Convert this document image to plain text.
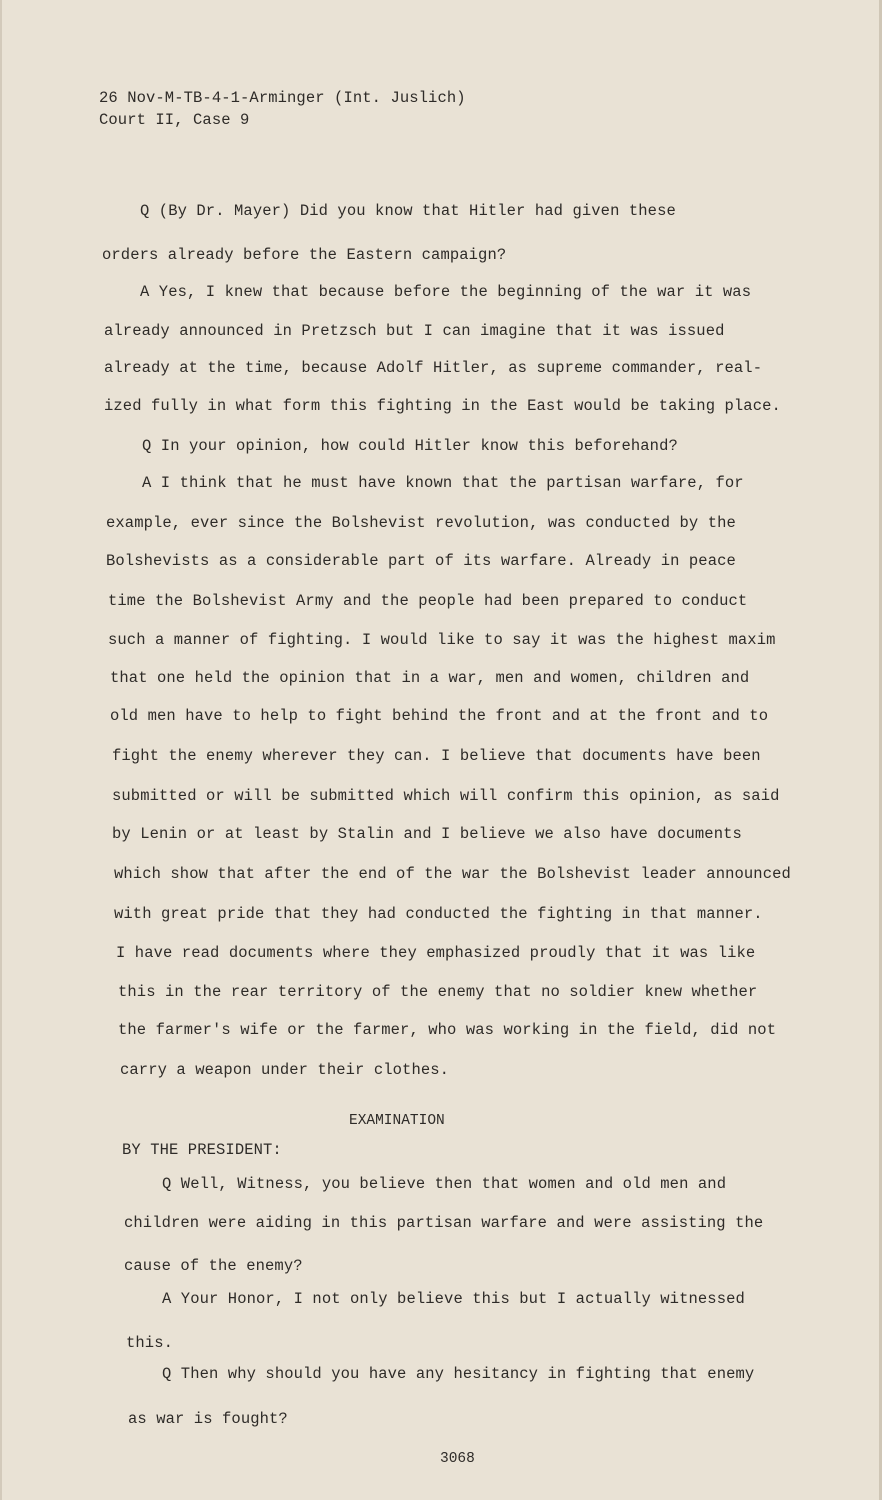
26 Nov-M-TB-4-1-Arminger (Int. Juslich)

Court II, Case 9

Q (By Dr. Mayer) Did you know that Hitler had given these

orders already before the Eastern campaign?

A Yes, I knew that because before the beginning of the war it was

already announced in Pretzsch but I can imagine that it was issued

already at the time, because Adolf Hitler, as supreme commander, real-

ized fully in what form this fighting in the East would be taking place.

Q In your opinion, how could Hitler know this beforehand?

A I think that he must have known that the partisan warfare, for

example, ever since the Bolshevist revolution, was conducted by the

Bolshevists as a considerable part of its warfare. Already in peace

time the Bolshevist Army and the people had been prepared to conduct

such a manner of fighting. I would like to say it was the highest maxim

that one held the opinion that in a war, men and women, children and

old men have to help to fight behind the front and at the front and to

fight the enemy wherever they can. I believe that documents have been

submitted or will be submitted which will confirm this opinion, as said

by Lenin or at least by Stalin and I believe we also have documents

which show that after the end of the war the Bolshevist leader announced

with great pride that they had conducted the fighting in that manner.

I have read documents where they emphasized proudly that it was like

this in the rear territory of the enemy that no soldier knew whether

the farmer's wife or the farmer, who was working in the field, did not

carry a weapon under their clothes.

EXAMINATION

BY THE PRESIDENT:

Q Well, Witness, you believe then that women and old men and

children were aiding in this partisan warfare and were assisting the

cause of the enemy?

A Your Honor, I not only believe this but I actually witnessed

this.

Q Then why should you have any hesitancy in fighting that enemy

as war is fought?

3068
